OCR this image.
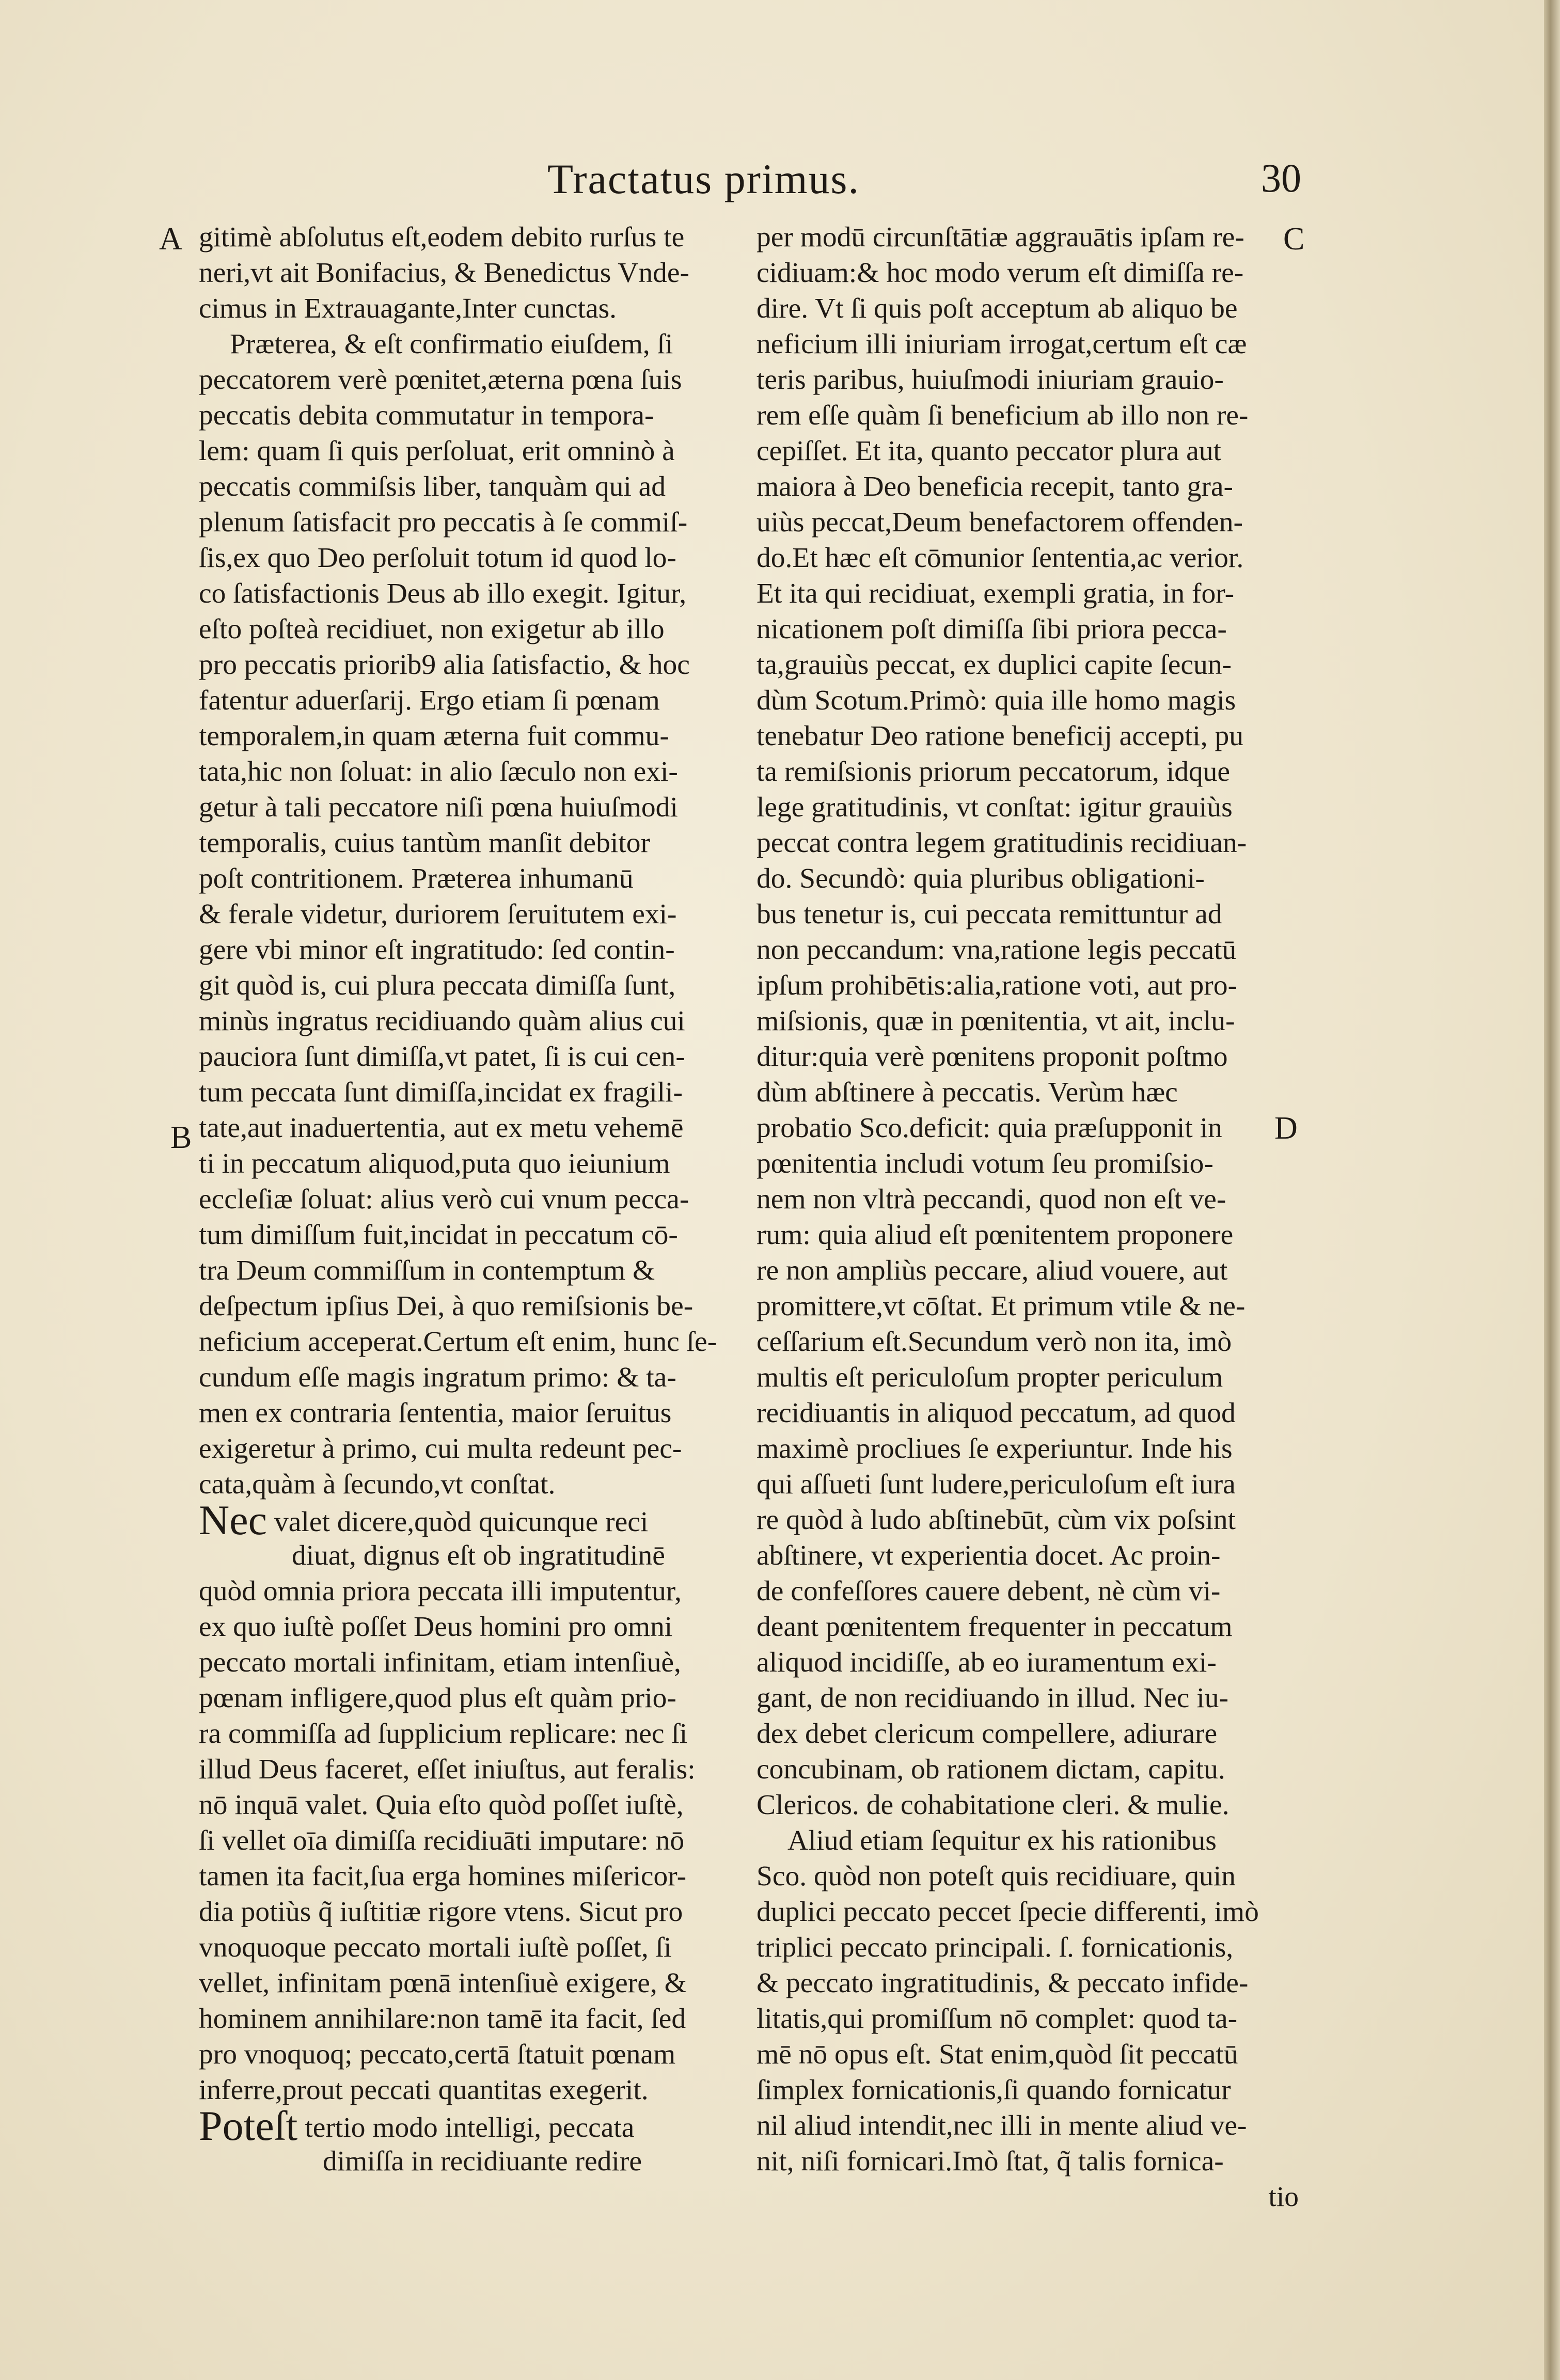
Tractatus primus.	30
A
B
C
D
gitimè abſolutus eſt,eodem debito rurſus te
neri,vt ait Bonifacius, & Benedictus Vnde-
cimus in Extrauagante,Inter cunctas.
Præterea, & eſt confirmatio eiuſdem, ſi
peccatorem verè pœnitet,æterna pœna ſuis
peccatis debita commutatur in tempora-
lem: quam ſi quis perſoluat, erit omninò à
peccatis commiſsis liber, tanquàm qui ad
plenum ſatisfacit pro peccatis à ſe commiſ-
ſis,ex quo Deo perſoluit totum id quod lo-
co ſatisfactionis Deus ab illo exegit. Igitur,
eſto poſteà recidiuet, non exigetur ab illo
pro peccatis priorib9 alia ſatisfactio, & hoc
fatentur aduerſarij. Ergo etiam ſi pœnam
temporalem,in quam æterna fuit commu-
tata,hic non ſoluat: in alio ſæculo non exi-
getur à tali peccatore niſi pœna huiuſmodi
temporalis, cuius tantùm manſit debitor
poſt contritionem. Præterea inhumanū
& ferale videtur, duriorem ſeruitutem exi-
gere vbi minor eſt ingratitudo: ſed contin-
git quòd is, cui plura peccata dimiſſa ſunt,
minùs ingratus recidiuando quàm alius cui
pauciora ſunt dimiſſa,vt patet, ſi is cui cen-
tum peccata ſunt dimiſſa,incidat ex fragili-
tate,aut inaduertentia, aut ex metu vehemē
ti in peccatum aliquod,puta quo ieiunium
eccleſiæ ſoluat: alius verò cui vnum pecca-
tum dimiſſum fuit,incidat in peccatum cō-
tra Deum commiſſum in contemptum &
deſpectum ipſius Dei, à quo remiſsionis be-
neficium acceperat.Certum eſt enim, hunc ſe-
cundum eſſe magis ingratum primo: & ta-
men ex contraria ſententia, maior ſeruitus
exigeretur à primo, cui multa redeunt pec-
cata,quàm à ſecundo,vt conſtat.
Nec valet dicere,quòd quicunque reci
diuat, dignus eſt ob ingratitudinē
quòd omnia priora peccata illi imputentur,
ex quo iuſtè poſſet Deus homini pro omni
peccato mortali infinitam, etiam intenſiuè,
pœnam infligere,quod plus eſt quàm prio-
ra commiſſa ad ſupplicium replicare: nec ſi
illud Deus faceret, eſſet iniuſtus, aut feralis:
nō inquā valet. Quia eſto quòd poſſet iuſtè,
ſi vellet oīa dimiſſa recidiuāti imputare: nō
tamen ita facit,ſua erga homines miſericor-
dia potiùs q̃ iuſtitiæ rigore vtens. Sicut pro
vnoquoque peccato mortali iuſtè poſſet, ſi
vellet, infinitam pœnā intenſiuè exigere, &
hominem annihilare:non tamē ita facit, ſed
pro vnoquoq; peccato,certā ſtatuit pœnam
inferre,prout peccati quantitas exegerit.
Poteſt tertio modo intelligi, peccata
dimiſſa in recidiuante redire
per modū circunſtātiæ aggrauātis ipſam re-
cidiuam:& hoc modo verum eſt dimiſſa re-
dire. Vt ſi quis poſt acceptum ab aliquo be
neficium illi iniuriam irrogat,certum eſt cæ
teris paribus, huiuſmodi iniuriam grauio-
rem eſſe quàm ſi beneficium ab illo non re-
cepiſſet. Et ita, quanto peccator plura aut
maiora à Deo beneficia recepit, tanto gra-
uiùs peccat,Deum benefactorem offenden-
do.Et hæc eſt cōmunior ſententia,ac verior.
Et ita qui recidiuat, exempli gratia, in for-
nicationem poſt dimiſſa ſibi priora pecca-
ta,grauiùs peccat, ex duplici capite ſecun-
dùm Scotum.Primò: quia ille homo magis
tenebatur Deo ratione beneficij accepti, pu
ta remiſsionis priorum peccatorum, idque
lege gratitudinis, vt conſtat: igitur grauiùs
peccat contra legem gratitudinis recidiuan-
do. Secundò: quia pluribus obligationi-
bus tenetur is, cui peccata remittuntur ad
non peccandum: vna,ratione legis peccatū
ipſum prohibētis:alia,ratione voti, aut pro-
miſsionis, quæ in pœnitentia, vt ait, inclu-
ditur:quia verè pœnitens proponit poſtmo
dùm abſtinere à peccatis. Verùm hæc
probatio Sco.deficit: quia præſupponit in
pœnitentia includi votum ſeu promiſsio-
nem non vltrà peccandi, quod non eſt ve-
rum: quia aliud eſt pœnitentem proponere
re non ampliùs peccare, aliud vouere, aut
promittere,vt cōſtat. Et primum vtile & ne-
ceſſarium eſt.Secundum verò non ita, imò
multis eſt periculoſum propter periculum
recidiuantis in aliquod peccatum, ad quod
maximè procliues ſe experiuntur. Inde his
qui aſſueti ſunt ludere,periculoſum eſt iura
re quòd à ludo abſtinebūt, cùm vix poſsint
abſtinere, vt experientia docet. Ac proin-
de confeſſores cauere debent, nè cùm vi-
deant pœnitentem frequenter in peccatum
aliquod incidiſſe, ab eo iuramentum exi-
gant, de non recidiuando in illud. Nec iu-
dex debet clericum compellere, adiurare
concubinam, ob rationem dictam, capitu.
Clericos. de cohabitatione cleri. & mulie.
Aliud etiam ſequitur ex his rationibus
Sco. quòd non poteſt quis recidiuare, quin
duplici peccato peccet ſpecie differenti, imò
triplici peccato principali. ſ. fornicationis,
& peccato ingratitudinis, & peccato infide-
litatis,qui promiſſum nō complet: quod ta-
mē nō opus eſt. Stat enim,quòd ſit peccatū
ſimplex fornicationis,ſi quando fornicatur
nil aliud intendit,nec illi in mente aliud ve-
nit, niſi fornicari.Imò ſtat, q̃ talis fornica-
tio
